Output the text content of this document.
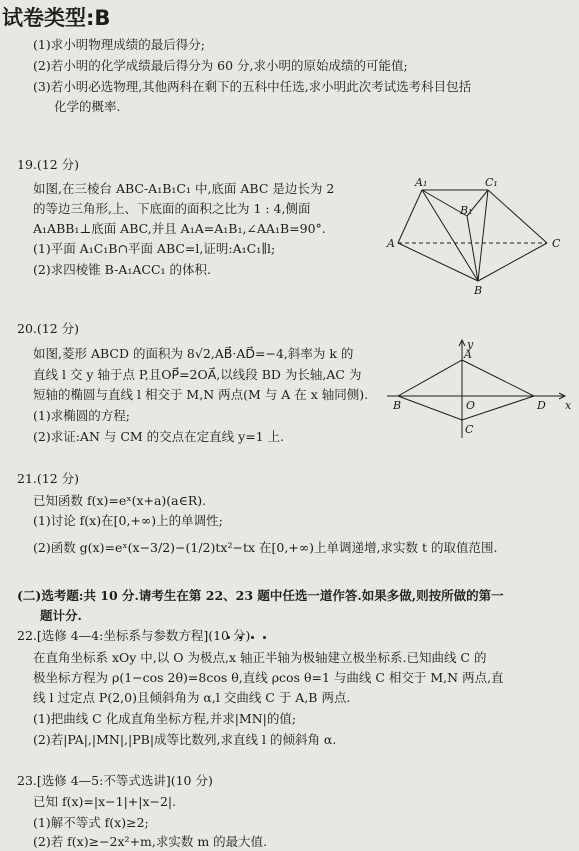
试卷类型:B
(1)求小明物理成绩的最后得分;
(2)若小明的化学成绩最后得分为 60 分,求小明的原始成绩的可能值;
(3)若小明必选物理,其他两科在剩下的五科中任选,求小明此次考试选考科目包括
化学的概率.
19.(12 分)
如图,在三棱台 ABC-A₁B₁C₁ 中,底面 ABC 是边长为 2
的等边三角形,上、下底面的面积之比为 1 : 4,侧面
A₁ABB₁⊥底面 ABC,并且 A₁A=A₁B₁,∠AA₁B=90°.
(1)平面 A₁C₁B∩平面 ABC=l,证明:A₁C₁∥l;
(2)求四棱锥 B-A₁ACC₁ 的体积.
A₁	C₁
B₁
A	C
B
20.(12 分)
如图,菱形 ABCD 的面积为 8√2,AB⃗·AD⃗=−4,斜率为 k 的
直线 l 交 y 轴于点 P,且OP⃗=2OA⃗,以线段 BD 为长轴,AC 为
短轴的椭圆与直线 l 相交于 M,N 两点(M 与 A 在 x 轴同侧).
(1)求椭圆的方程;
(2)求证:AN 与 CM 的交点在定直线 y=1 上.
y
x
A
B
C
D
O
21.(12 分)
已知函数 f(x)=eˣ(x+a)(a∈R).
(1)讨论 f(x)在[0,+∞)上的单调性;
(2)函数 g(x)=eˣ(x−3/2)−(1/2)tx²−tx 在[0,+∞)上单调递增,求实数 t 的取值范围.
(二)选考题:共 10 分.请考生在第 22、23 题中任选一道作答.如果多做,则按所做的第一
题计分.
22.[选修 4—4:坐标系与参数方程](10 分)
在直角坐标系 xOy 中,以 O 为极点,x 轴正半轴为极轴建立极坐标系.已知曲线 C 的
极坐标方程为 ρ(1−cos 2θ)=8cos θ,直线 ρcos θ=1 与曲线 C 相交于 M,N 两点,直
线 l 过定点 P(2,0)且倾斜角为 α,l 交曲线 C 于 A,B 两点.
(1)把曲线 C 化成直角坐标方程,并求|MN|的值;
(2)若|PA|,|MN|,|PB|成等比数列,求直线 l 的倾斜角 α.
23.[选修 4—5:不等式选讲](10 分)
已知 f(x)=|x−1|+|x−2|.
(1)解不等式 f(x)≥2;
(2)若 f(x)≥−2x²+m,求实数 m 的最大值.
